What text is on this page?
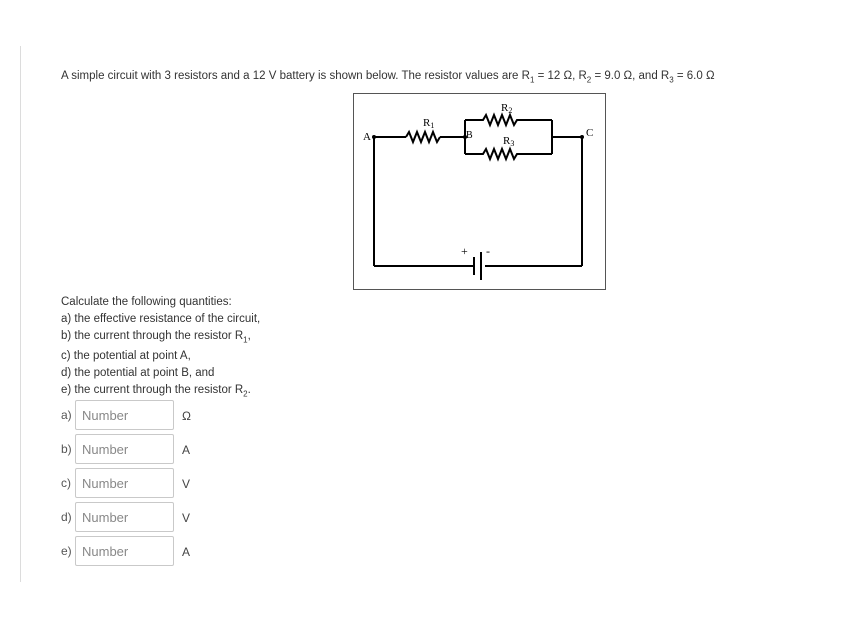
A simple circuit with 3 resistors and a 12 V battery is shown below. The resistor values are $R_1 = 12$ Ω, $R_2 = 9.0$ Ω, and $R_3 = 6.0$ Ω
A	B	C
R1
R2
R3
+ -
Calculate the following quantities:
a) the effective resistance of the circuit,
b) the current through the resistor $R_1$,
c) the potential at point A,
d) the potential at point B, and
e) the current through the resistor $R_2$.
a)
Number	Ω
b)
Number	A
c)
Number	V
d)
Number	V
e)
Number	A
